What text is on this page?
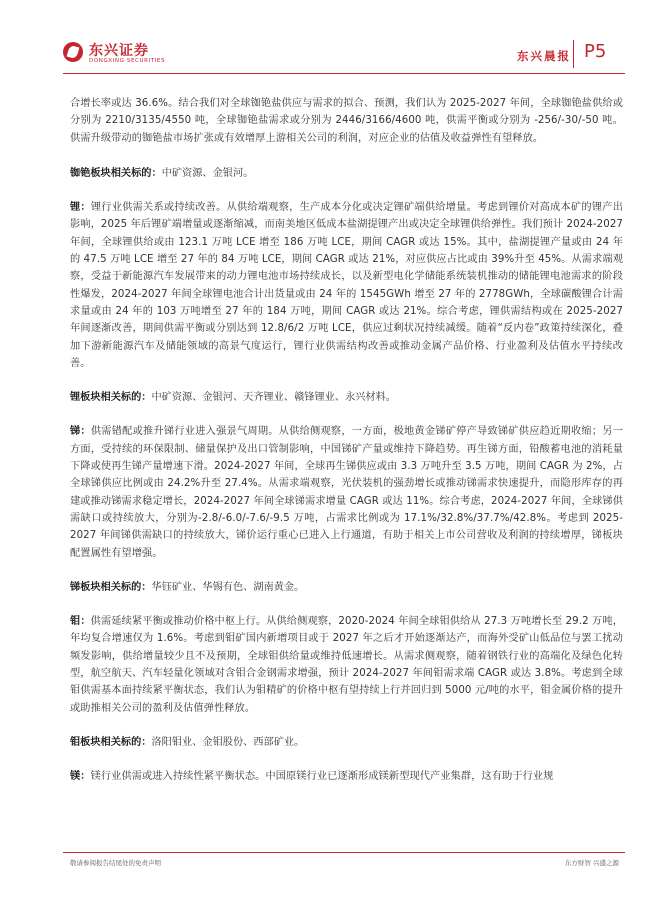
东兴证券
DONGXING SECURITIES	东兴晨报 P5

合增长率或达 36.6%。结合我们对全球铷铯盐供应与需求的拟合、预测，我们认为 2025-2027 年间，全球铷铯盐供给或分别为 2210/3135/4550 吨，全球铷铯盐需求或分别为 2446/3166/4600 吨，供需平衡或分别为 -256/-30/-50 吨。供需升级带动的铷铯盐市场扩张或有效增厚上游相关公司的利润，对应企业的估值及收益弹性有望释放。

铷铯板块相关标的：中矿资源、金银河。

锂：锂行业供需关系或持续改善。从供给端观察，生产成本分化或决定锂矿端供给增量。考虑到锂价对高成本矿的锂产出影响，2025 年后锂矿端增量或逐渐缩减，而南美地区低成本盐湖提锂产出或决定全球锂供给弹性。我们预计 2024-2027 年间，全球锂供给或由 123.1 万吨 LCE 增至 186 万吨 LCE，期间 CAGR 或达 15%。其中，盐湖提锂产量或由 24 年的 47.5 万吨 LCE 增至 27 年的 84 万吨 LCE，期间 CAGR 或达 21%，对应供应占比或由 39%升至 45%。从需求端观察，受益于新能源汽车发展带来的动力锂电池市场持续成长，以及新型电化学储能系统装机推动的储能锂电池需求的阶段性爆发，2024-2027 年间全球锂电池合计出货量或由 24 年的 1545GWh 增至 27 年的 2778GWh，全球碳酸锂合计需求量或由 24 年的 103 万吨增至 27 年的 184 万吨，期间 CAGR 或达 21%。综合考虑，锂供需结构或在 2025-2027 年间逐渐改善，期间供需平衡或分别达到 12.8/6/2 万吨 LCE，供应过剩状况持续减缓。随着“反内卷”政策持续深化，叠加下游新能源汽车及储能领域的高景气度运行，锂行业供需结构改善或推动金属产品价格、行业盈利及估值水平持续改善。

锂板块相关标的：中矿资源、金银河、天齐锂业、赣锋锂业、永兴材料。

锑：供需错配或推升锑行业进入强景气周期。从供给侧观察，一方面，极地黄金锑矿停产导致锑矿供应趋近期收缩；另一方面，受持续的环保限制、储量保护及出口管制影响，中国锑矿产量或维持下降趋势。再生锑方面，铅酸蓄电池的消耗量下降或使再生锑产量增速下滑。2024-2027 年间，全球再生锑供应或由 3.3 万吨升至 3.5 万吨，期间 CAGR 为 2%，占全球锑供应比例或由 24.2%升至 27.4%。从需求端观察，光伏装机的强劲增长或推动锑需求快速提升，而隐形库存的再建或推动锑需求稳定增长，2024-2027 年间全球锑需求增量 CAGR 或达 11%。综合考虑，2024-2027 年间，全球锑供需缺口或持续放大，分别为-2.8/-6.0/-7.6/-9.5 万吨，占需求比例或为 17.1%/32.8%/37.7%/42.8%。考虑到 2025-2027 年间锑供需缺口的持续放大，锑价运行重心已进入上行通道，有助于相关上市公司营收及利润的持续增厚，锑板块配置属性有望增强。

锑板块相关标的：华钰矿业、华锡有色、湖南黄金。

钼：供需延续紧平衡或推动价格中枢上行。从供给侧观察，2020-2024 年间全球钼供给从 27.3 万吨增长至 29.2 万吨，年均复合增速仅为 1.6%。考虑到钼矿国内新增项目或于 2027 年之后才开始逐渐达产，而海外受矿山低品位与罢工扰动频发影响，供给增量较少且不及预期，全球钼供给量或维持低速增长。从需求侧观察，随着钢铁行业的高端化及绿色化转型，航空航天、汽车轻量化领域对含钼合金钢需求增强，预计 2024-2027 年间钼需求端 CAGR 或达 3.8%。考虑到全球钼供需基本面持续紧平衡状态，我们认为钼精矿的价格中枢有望持续上行并回归到 5000 元/吨的水平，钼金属价格的提升或助推相关公司的盈利及估值弹性释放。

钼板块相关标的：洛阳钼业、金钼股份、西部矿业。

镁：镁行业供需或进入持续性紧平衡状态。中国原镁行业已逐渐形成镁新型现代产业集群，这有助于行业规

敬请参阅报告结尾处的免责声明	东方财智 兴盛之源
